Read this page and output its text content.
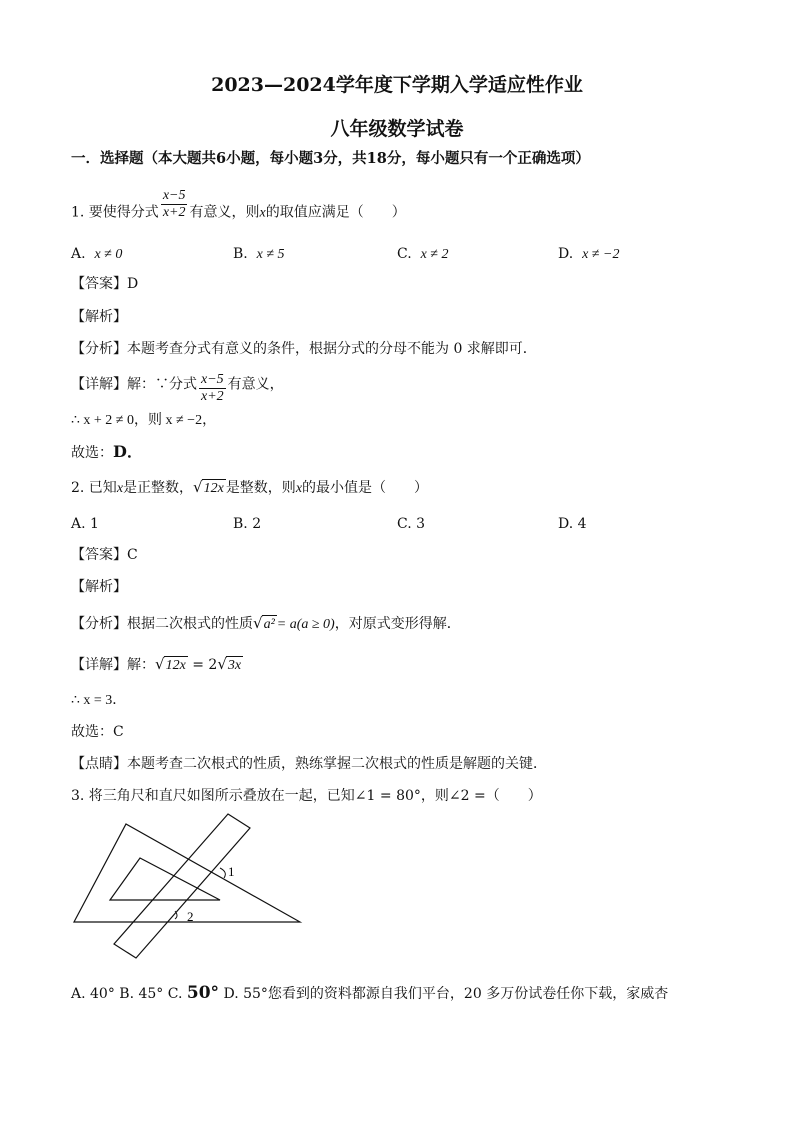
2023—2024学年度下学期入学适应性作业
八年级数学试卷
一．选择题（本大题共6小题，每小题3分，共18分，每小题只有一个正确选项）
1. 要使得分式 $\frac{x-5}{x+2}$ 有意义，则x的取值应满足（　　）
A. x ≠ 0	B. x ≠ 5	C. x ≠ 2	D. x ≠ −2
【答案】D
【解析】
【分析】本题考查分式有意义的条件，根据分式的分母不能为 0 求解即可．
【详解】解：∵分式 $\frac{x-5}{x+2}$ 有意义，
∴ x + 2 ≠ 0，则 x ≠ −2，
故选：D．
2. 已知x是正整数，√12x 是整数，则x的最小值是（　　）
A. 1	B. 2	C. 3	D. 4
【答案】C
【解析】
【分析】根据二次根式的性质√a² = a(a ≥ 0)，对原式变形得解．
【详解】解：√12x = 2√3x
∴ x = 3．
故选：C
【点睛】本题考查二次根式的性质，熟练掌握二次根式的性质是解题的关键．
3. 将三角尺和直尺如图所示叠放在一起，已知∠1 = 80°，则∠2 =（　　）
1
2
A. 40° B. 45° C. 50° D. 55°您看到的资料都源自我们平台，20 多万份试卷任你下载，家威杏
